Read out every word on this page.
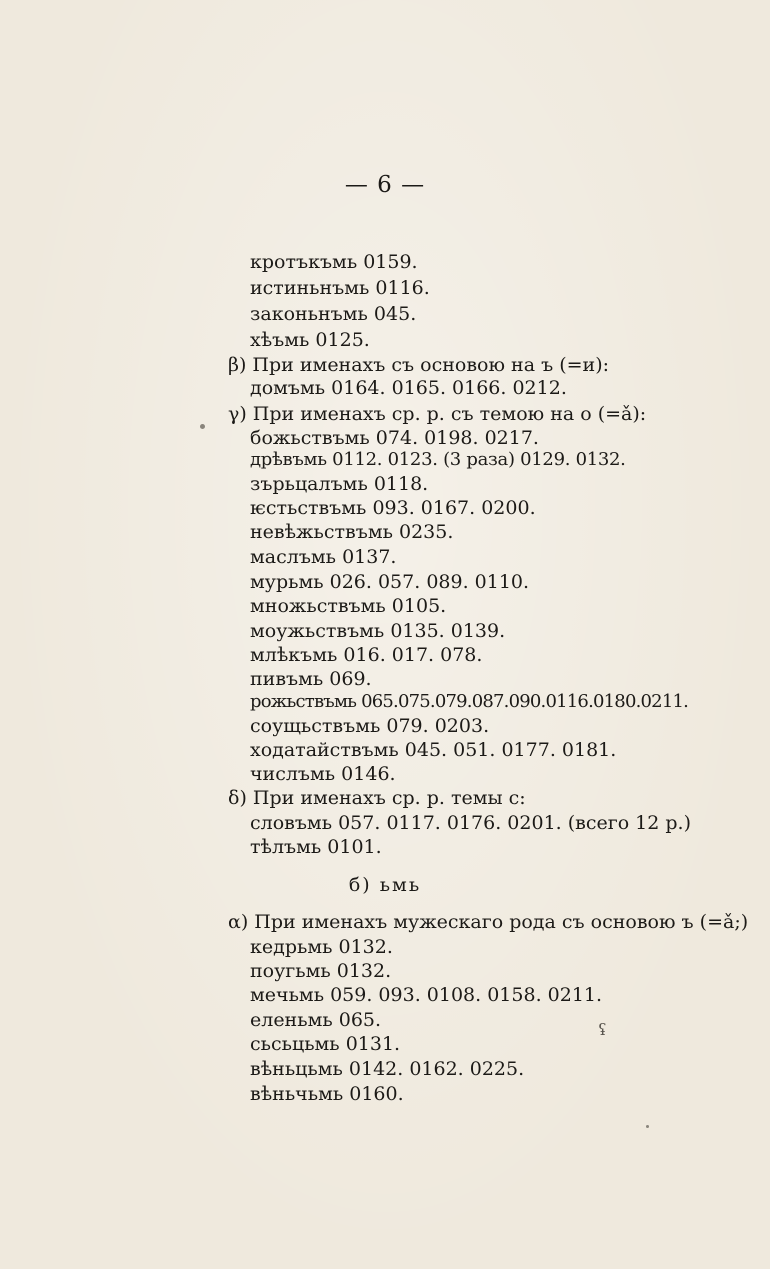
— 6 —
кротъкъмь 0159.
истиньнъмь 0116.
законьнъмь 045.
хѣъмь 0125.
β) При именахъ съ основою на ъ (=и):
домъмь 0164. 0165. 0166. 0212.
γ) При именахъ ср. р. съ темою на о (=ǎ):
божьствъмь 074. 0198. 0217.
дрѣвъмь 0112. 0123. (3 раза) 0129. 0132.
зърьцалъмь 0118.
ѥстьствъмь 093. 0167. 0200.
невѣжьствъмь 0235.
маслъмь 0137.
мурьмь 026. 057. 089. 0110.
множьствъмь 0105.
моужьствъмь 0135. 0139.
млѣкъмь 016. 017. 078.
пивъмь 069.
рожьствъмь 065.075.079.087.090.0116.0180.0211.
соущьствъмь 079. 0203.
ходатайствъмь 045. 051. 0177. 0181.
числъмь 0146.
δ) При именахъ ср. р. темы с:
словъмь 057. 0117. 0176. 0201. (всего 12 р.)
тѣлъмь 0101.
б) ьмь
α) При именахъ мужескаго рода съ основою ъ (=ǎ;)
кедрьмь 0132.
поугьмь 0132.
мечьмь 059. 093. 0108. 0158. 0211.
еленьмь 065.
сьсьцьмь 0131.
вѣньцьмь 0142. 0162. 0225.
вѣньчьмь 0160.
ʢ
